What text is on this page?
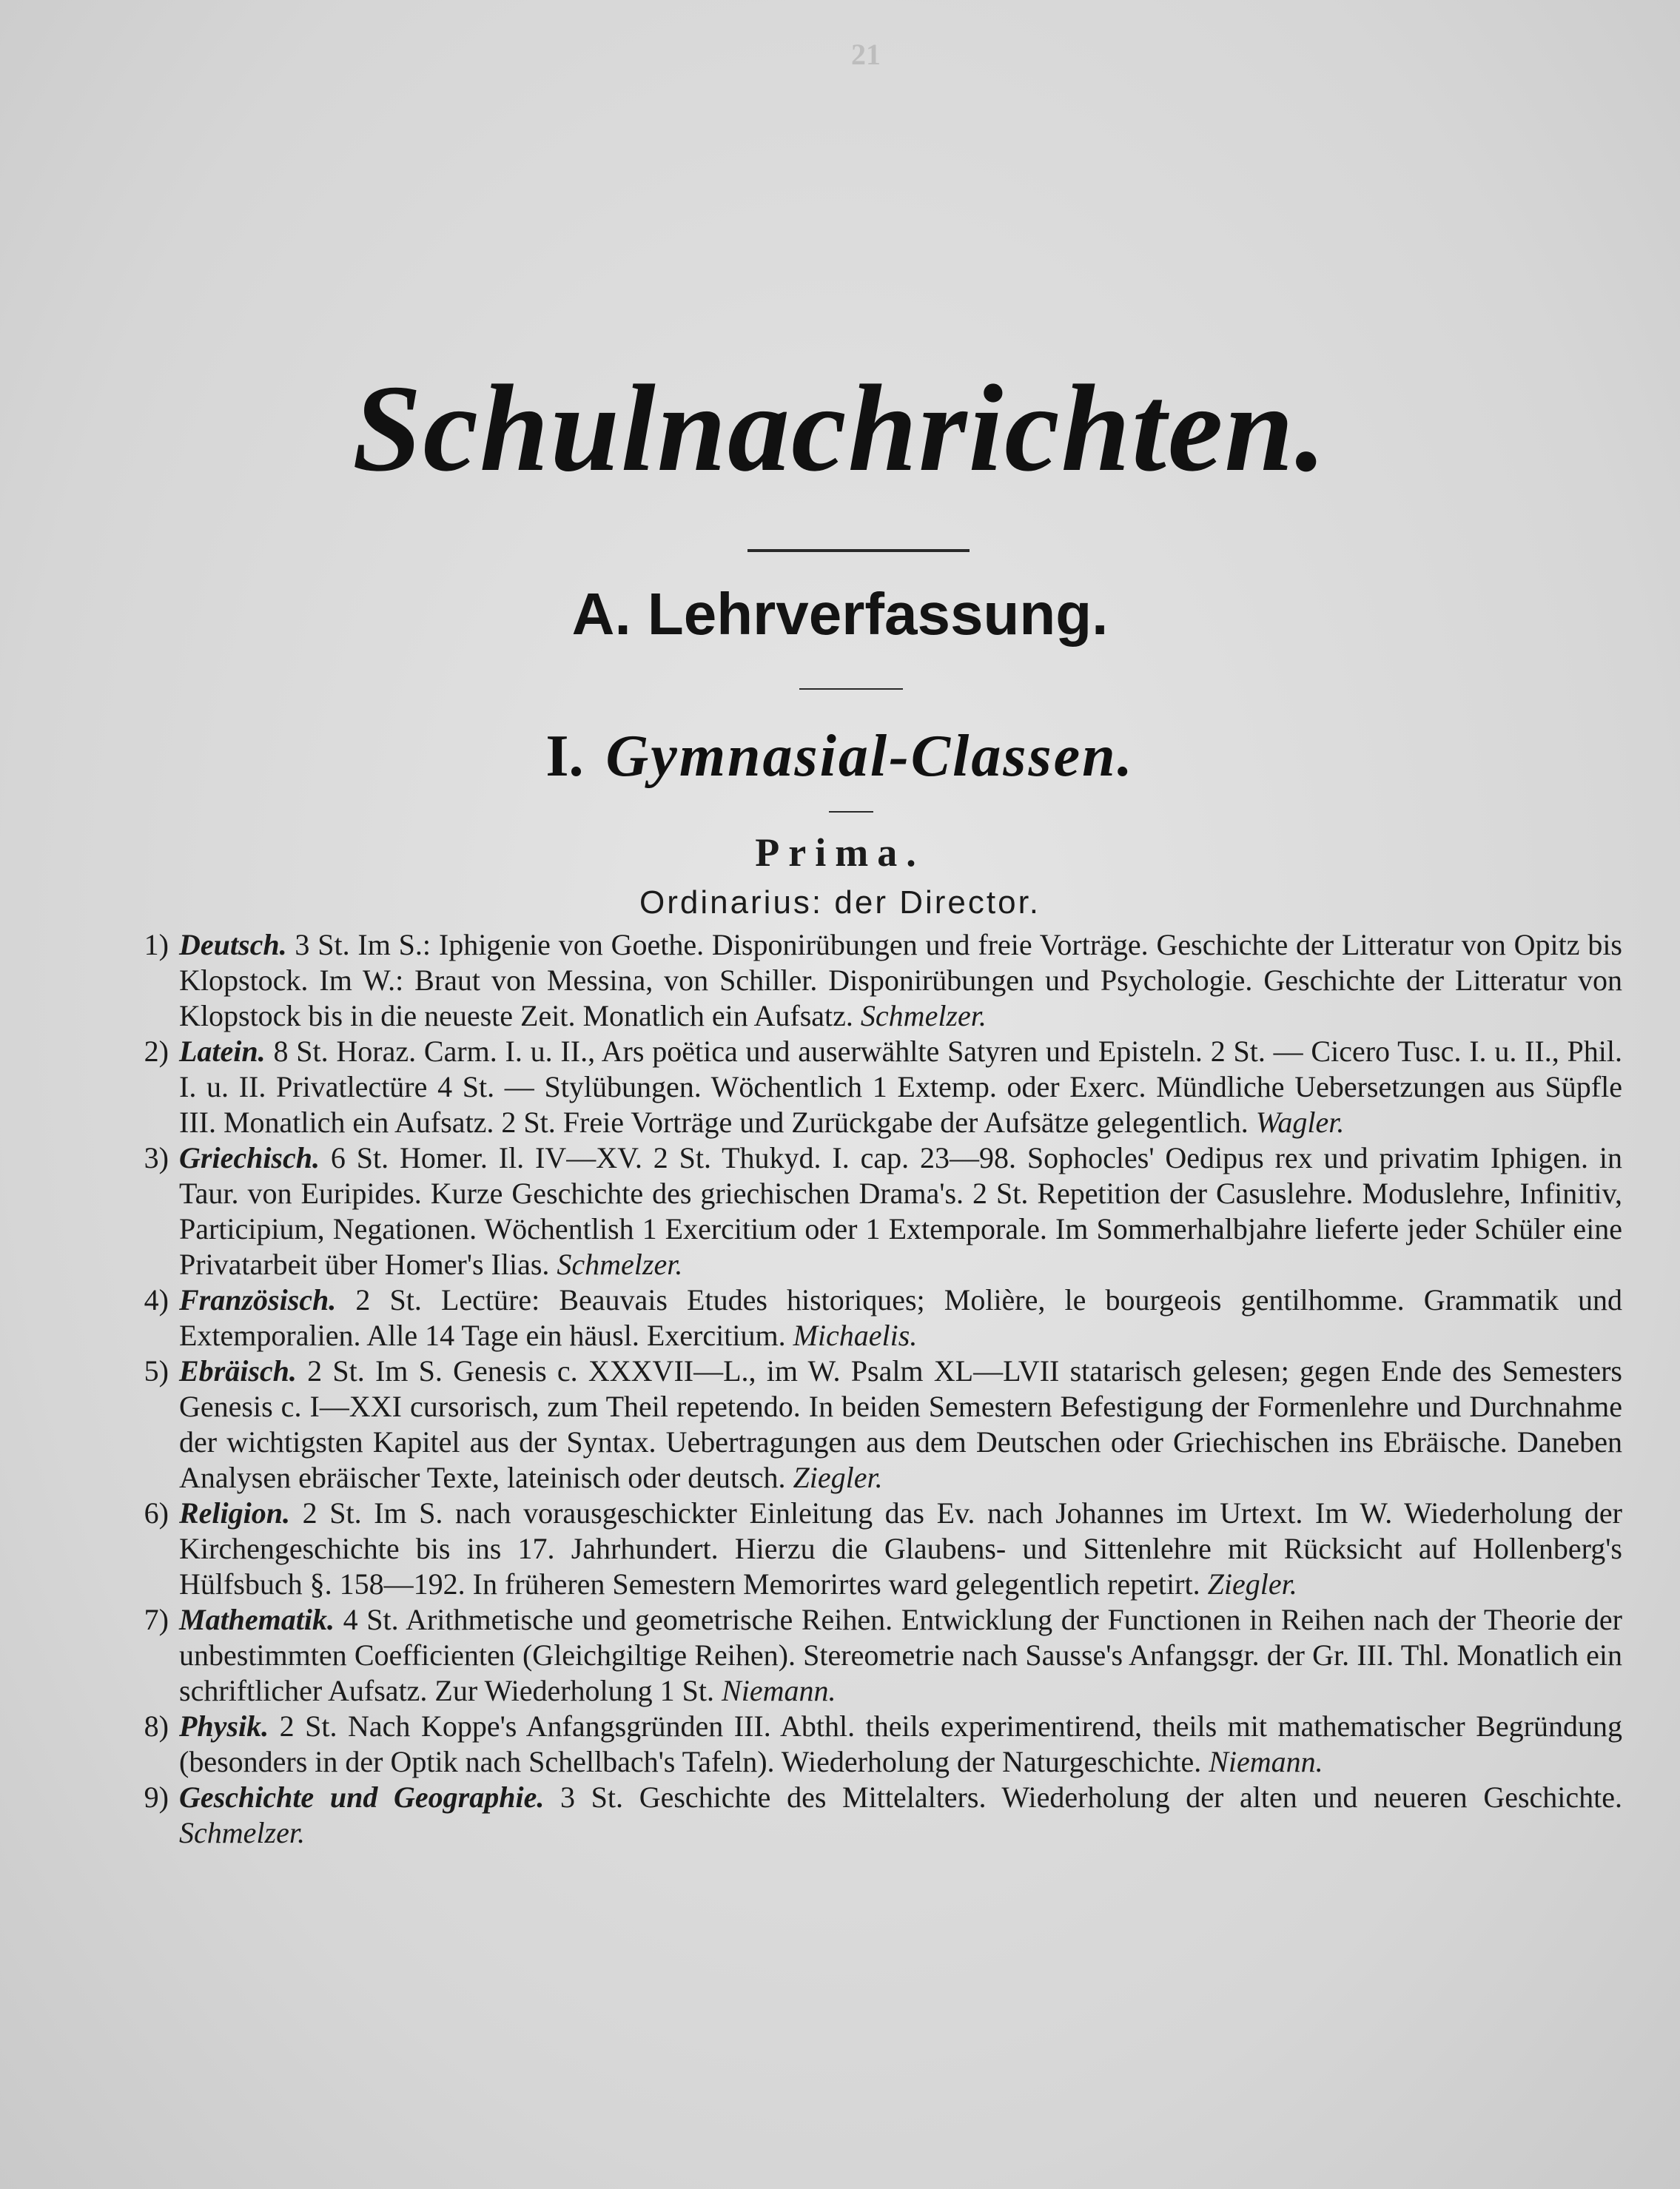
21
Schulnachrichten.
A. Lehrverfassung.
I. Gymnasial-Classen.
Prima.
Ordinarius: der Director.
1) Deutsch. 3 St. Im S.: Iphigenie von Goethe. Disponirübungen und freie Vorträge. Geschichte der Litteratur von Opitz bis Klopstock. Im W.: Braut von Messina, von Schiller. Disponirübungen und Psychologie. Geschichte der Litteratur von Klopstock bis in die neueste Zeit. Monatlich ein Aufsatz. Schmelzer.
2) Latein. 8 St. Horaz. Carm. I. u. II., Ars poëtica und auserwählte Satyren und Episteln. 2 St. — Cicero Tusc. I. u. II., Phil. I. u. II. Privatlectüre 4 St. — Stylübungen. Wöchentlich 1 Extemp. oder Exerc. Mündliche Uebersetzungen aus Süpfle III. Monatlich ein Aufsatz. 2 St. Freie Vorträge und Zurückgabe der Aufsätze gelegentlich. Wagler.
3) Griechisch. 6 St. Homer. Il. IV—XV. 2 St. Thukyd. I. cap. 23—98. Sophocles' Oedipus rex und privatim Iphigen. in Taur. von Euripides. Kurze Geschichte des griechischen Drama's. 2 St. Repetition der Casuslehre. Moduslehre, Infinitiv, Participium, Negationen. Wöchentlish 1 Exercitium oder 1 Extemporale. Im Sommerhalbjahre lieferte jeder Schüler eine Privatarbeit über Homer's Ilias. Schmelzer.
4) Französisch. 2 St. Lectüre: Beauvais Etudes historiques; Molière, le bourgeois gentilhomme. Grammatik und Extemporalien. Alle 14 Tage ein häusl. Exercitium. Michaelis.
5) Ebräisch. 2 St. Im S. Genesis c. XXXVII—L., im W. Psalm XL—LVII statarisch gelesen; gegen Ende des Semesters Genesis c. I—XXI cursorisch, zum Theil repetendo. In beiden Semestern Befestigung der Formenlehre und Durchnahme der wichtigsten Kapitel aus der Syntax. Uebertragungen aus dem Deutschen oder Griechischen ins Ebräische. Daneben Analysen ebräischer Texte, lateinisch oder deutsch. Ziegler.
6) Religion. 2 St. Im S. nach vorausgeschickter Einleitung das Ev. nach Johannes im Urtext. Im W. Wiederholung der Kirchengeschichte bis ins 17. Jahrhundert. Hierzu die Glaubens- und Sittenlehre mit Rücksicht auf Hollenberg's Hülfsbuch §. 158—192. In früheren Semestern Memorirtes ward gelegentlich repetirt. Ziegler.
7) Mathematik. 4 St. Arithmetische und geometrische Reihen. Entwicklung der Functionen in Reihen nach der Theorie der unbestimmten Coefficienten (Gleichgiltige Reihen). Stereometrie nach Sausse's Anfangsgr. der Gr. III. Thl. Monatlich ein schriftlicher Aufsatz. Zur Wiederholung 1 St. Niemann.
8) Physik. 2 St. Nach Koppe's Anfangsgründen III. Abthl. theils experimentirend, theils mit mathematischer Begründung (besonders in der Optik nach Schellbach's Tafeln). Wiederholung der Naturgeschichte. Niemann.
9) Geschichte und Geographie. 3 St. Geschichte des Mittelalters. Wiederholung der alten und neueren Geschichte. Schmelzer.
